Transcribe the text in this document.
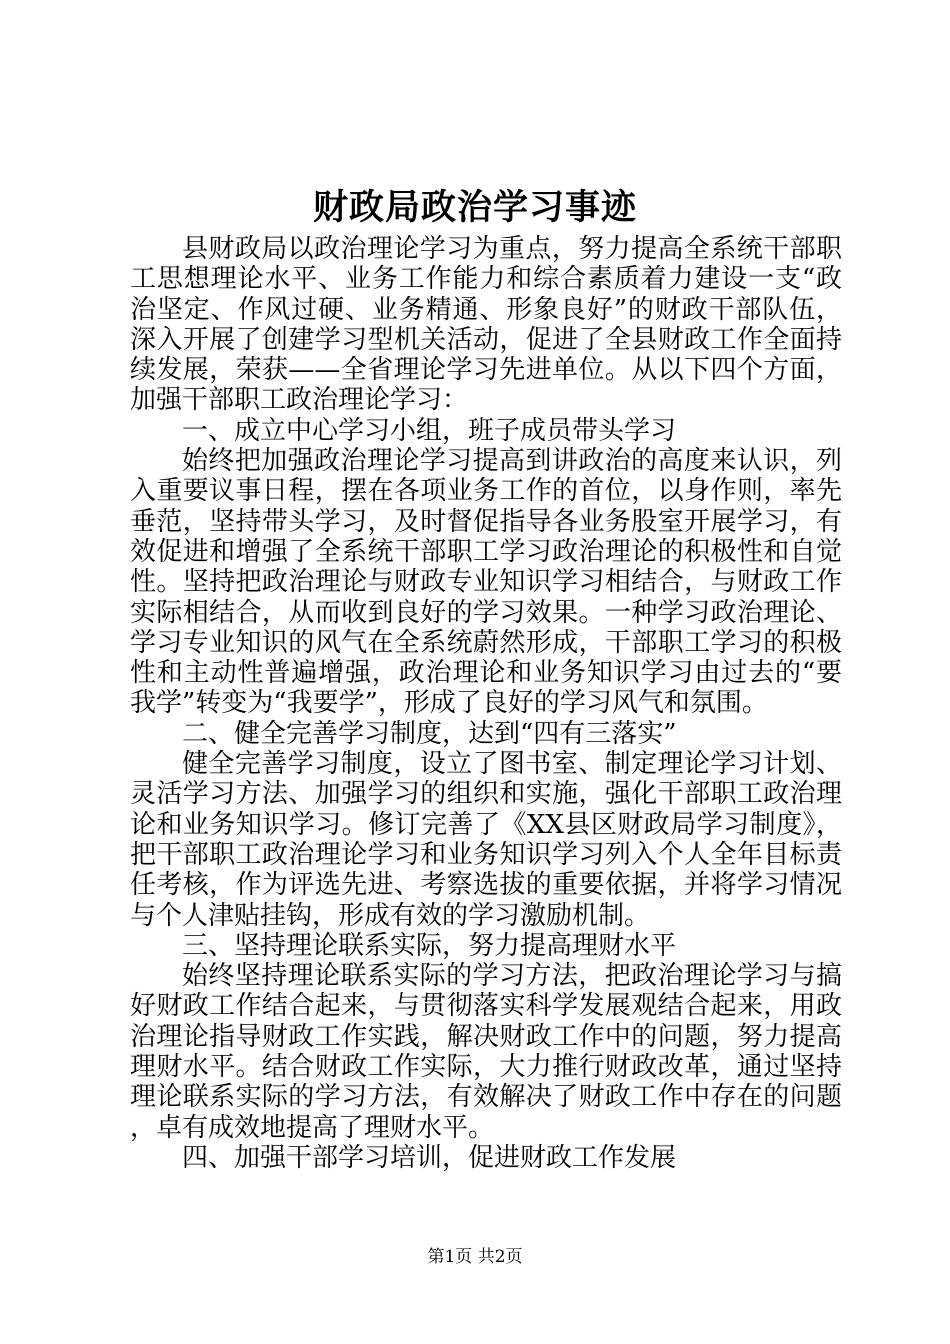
财政局政治学习事迹

县财政局以政治理论学习为重点，努力提高全系统干部职工思想理论水平、业务工作能力和综合素质着力建设一支“政治坚定、作风过硬、业务精通、形象良好”的财政干部队伍，深入开展了创建学习型机关活动，促进了全县财政工作全面持续发展，荣获——全省理论学习先进单位。从以下四个方面，加强干部职工政治理论学习：

一、成立中心学习小组，班子成员带头学习

始终把加强政治理论学习提高到讲政治的高度来认识，列入重要议事日程，摆在各项业务工作的首位，以身作则，率先垂范，坚持带头学习，及时督促指导各业务股室开展学习，有效促进和增强了全系统干部职工学习政治理论的积极性和自觉性。坚持把政治理论与财政专业知识学习相结合，与财政工作实际相结合，从而收到良好的学习效果。一种学习政治理论、学习专业知识的风气在全系统蔚然形成，干部职工学习的积极性和主动性普遍增强，政治理论和业务知识学习由过去的“要我学”转变为“我要学”，形成了良好的学习风气和氛围。

二、健全完善学习制度，达到“四有三落实”

健全完善学习制度，设立了图书室、制定理论学习计划、灵活学习方法、加强学习的组织和实施，强化干部职工政治理论和业务知识学习。修订完善了《XX县区财政局学习制度》，把干部职工政治理论学习和业务知识学习列入个人全年目标责任考核，作为评选先进、考察选拔的重要依据，并将学习情况与个人津贴挂钩，形成有效的学习激励机制。

三、坚持理论联系实际，努力提高理财水平

始终坚持理论联系实际的学习方法，把政治理论学习与搞好财政工作结合起来，与贯彻落实科学发展观结合起来，用政治理论指导财政工作实践，解决财政工作中的问题，努力提高理财水平。结合财政工作实际，大力推行财政改革，通过坚持理论联系实际的学习方法，有效解决了财政工作中存在的问题，卓有成效地提高了理财水平。

四、加强干部学习培训，促进财政工作发展

第1页 共2页
